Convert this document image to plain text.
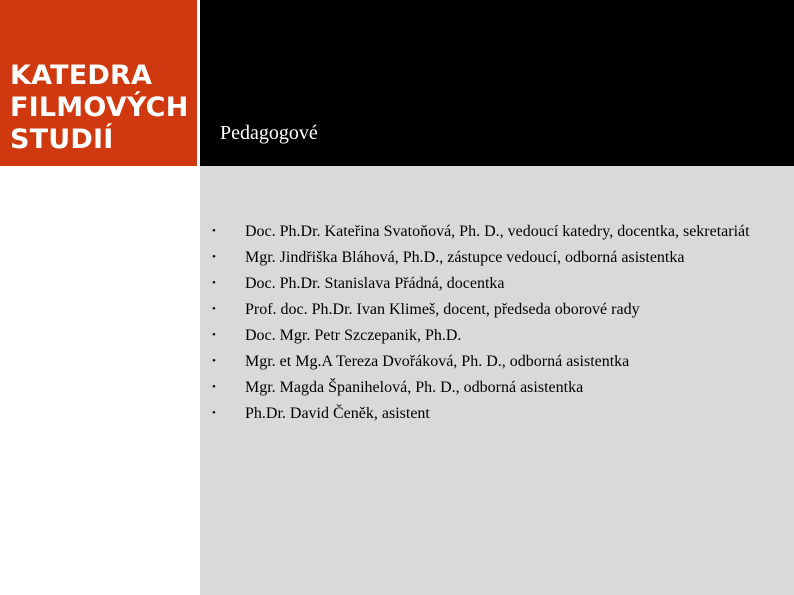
KATEDRA
FILMOVÝCH
STUDIÍ	Pedagogové
• Doc. Ph.Dr. Kateřina Svatoňová, Ph. D., vedoucí katedry, docentka, sekretariát
• Mgr. Jindřiška Bláhová, Ph.D., zástupce vedoucí, odborná asistentka
• Doc. Ph.Dr. Stanislava Přádná, docentka
• Prof. doc. Ph.Dr. Ivan Klimeš, docent, předseda oborové rady
• Doc. Mgr. Petr Szczepanik, Ph.D.
• Mgr. et Mg.A Tereza Dvořáková, Ph. D., odborná asistentka
• Mgr. Magda Španihelová, Ph. D., odborná asistentka
• Ph.Dr. David Čeněk, asistent
